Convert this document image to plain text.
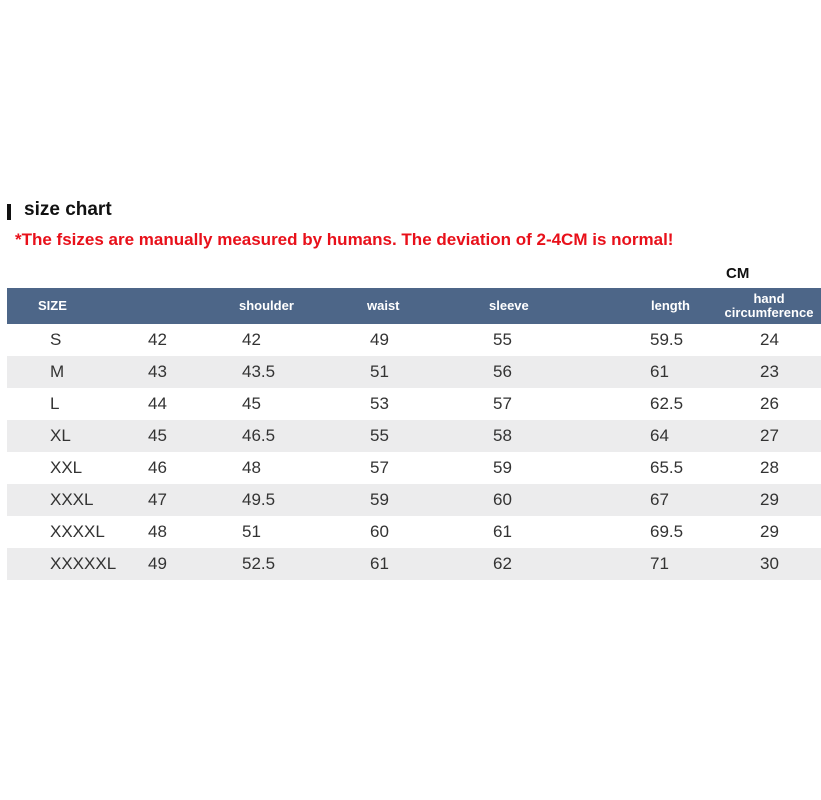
size chart
*The fsizes are manually measured by humans. The deviation of 2-4CM is normal!
CM
SIZE		shoulder	waist	sleeve	length	hand circumference
S	42	42	49	55	59.5	24
M	43	43.5	51	56	61	23
L	44	45	53	57	62.5	26
XL	45	46.5	55	58	64	27
XXL	46	48	57	59	65.5	28
XXXL	47	49.5	59	60	67	29
XXXXL	48	51	60	61	69.5	29
XXXXXL	49	52.5	61	62	71	30
